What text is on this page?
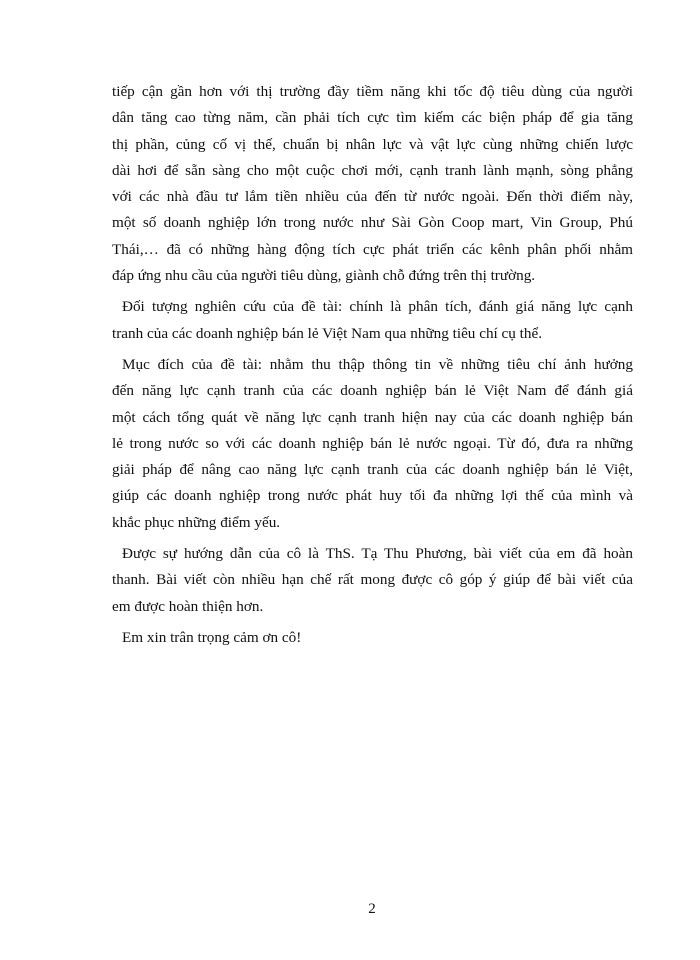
tiếp cận gần hơn với thị trường đầy tiềm năng khi tốc độ tiêu dùng của người
dân tăng cao từng năm, cần phải tích cực tìm kiếm các biện pháp để gia tăng
thị phần, củng cố vị thế, chuẩn bị nhân lực và vật lực cùng những chiến lược
dài hơi để sẵn sàng cho một cuộc chơi mới, cạnh tranh lành mạnh, sòng phẳng
với các nhà đầu tư lắm tiền nhiều của đến từ nước ngoài. Đến thời điểm này,
một số doanh nghiệp lớn trong nước như Sài Gòn Coop mart, Vin Group, Phú
Thái,… đã có những hàng động tích cực phát triển các kênh phân phối nhằm
đáp ứng nhu cầu của người tiêu dùng, giành chỗ đứng trên thị trường.
Đối tượng nghiên cứu của đề tài: chính là phân tích, đánh giá năng lực cạnh
tranh của các doanh nghiệp bán lẻ Việt Nam qua những tiêu chí cụ thể.
Mục đích của đề tài: nhằm thu thập thông tin về những tiêu chí ảnh hưởng
đến năng lực cạnh tranh của các doanh nghiệp bán lẻ Việt Nam để đánh giá
một cách tổng quát về năng lực cạnh tranh hiện nay của các doanh nghiệp bán
lẻ trong nước so với các doanh nghiệp bán lẻ nước ngoại. Từ đó, đưa ra những
giải pháp để nâng cao năng lực cạnh tranh của các doanh nghiệp bán lẻ Việt,
giúp các doanh nghiệp trong nước phát huy tối đa những lợi thế của mình và
khắc phục những điểm yếu.
Được sự hướng dẫn của cô là ThS. Tạ Thu Phương, bài viết của em đã hoàn
thanh. Bài viết còn nhiều hạn chế rất mong được cô góp ý giúp để bài viết của
em được hoàn thiện hơn.
Em xin trân trọng cảm ơn cô!
2
